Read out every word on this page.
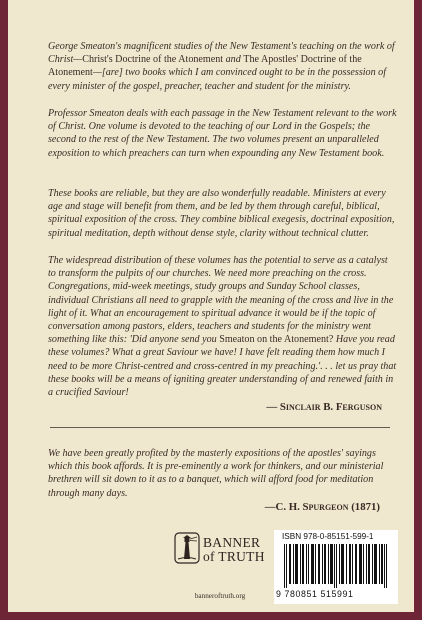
George Smeaton's magnificent studies of the New Testament's teaching on the work of Christ—Christ's Doctrine of the Atonement and The Apostles' Doctrine of the Atonement—[are] two books which I am convinced ought to be in the possession of every minister of the gospel, preacher, teacher and student for the ministry.

Professor Smeaton deals with each passage in the New Testament relevant to the work of Christ. One volume is devoted to the teaching of our Lord in the Gospels; the second to the rest of the New Testament. The two volumes present an unparalleled exposition to which preachers can turn when expounding any New Testament book.

These books are reliable, but they are also wonderfully readable. Ministers at every age and stage will benefit from them, and be led by them through careful, biblical, spiritual exposition of the cross. They combine biblical exegesis, doctrinal exposition, spiritual meditation, depth without dense style, clarity without technical clutter.

The widespread distribution of these volumes has the potential to serve as a catalyst to transform the pulpits of our churches. We need more preaching on the cross. Congregations, mid-week meetings, study groups and Sunday School classes, individual Christians all need to grapple with the meaning of the cross and live in the light of it. What an encouragement to spiritual advance it would be if the topic of conversation among pastors, elders, teachers and students for the ministry went something like this: 'Did anyone send you Smeaton on the Atonement? Have you read these volumes? What a great Saviour we have! I have felt reading them how much I need to be more Christ-centred and cross-centred in my preaching.'. . . let us pray that these books will be a means of igniting greater understanding of and renewed faith in a crucified Saviour!

— Sinclair B. Ferguson

We have been greatly profited by the masterly expositions of the apostles' sayings which this book affords. It is pre-eminently a work for thinkers, and our ministerial brethren will sit down to it as to a banquet, which will afford food for meditation through many days.

—C. H. Spurgeon (1871)
BANNER
of TRUTH
banneroftruth.org
ISBN 978-0-85151-599-1
9 780851 515991
